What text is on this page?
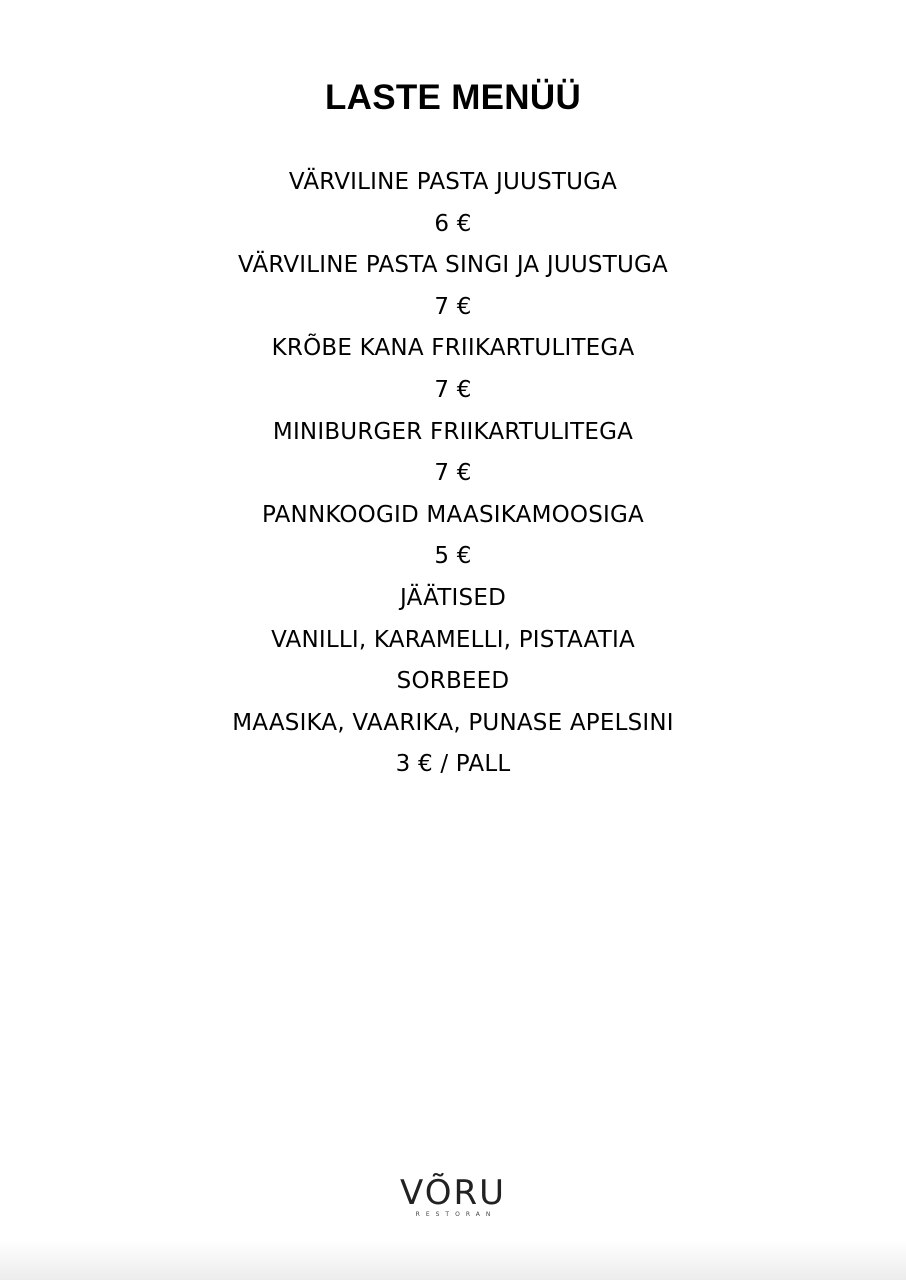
LASTE MENÜÜ
VÄRVILINE PASTA JUUSTUGA
6 €
VÄRVILINE PASTA SINGI JA JUUSTUGA
7 €
KRÕBE KANA FRIIKARTULITEGA
7 €
MINIBURGER FRIIKARTULITEGA
7 €
PANNKOOGID MAASIKAMOOSIGA
5 €
JÄÄTISED
VANILLI, KARAMELLI, PISTAATIA
SORBEED
MAASIKA, VAARIKA, PUNASE APELSINI
3 € / PALL
VÕRU
RESTORAN
